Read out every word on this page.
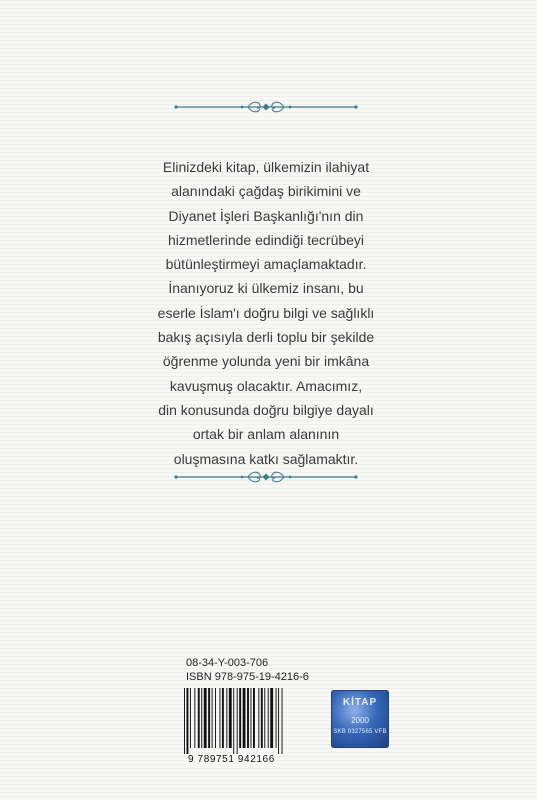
Elinizdeki kitap, ülkemizin ilahiyat
alanındaki çağdaş birikimini ve
Diyanet İşleri Başkanlığı'nın din
hizmetlerinde edindiği tecrübeyi
bütünleştirmeyi amaçlamaktadır.
İnanıyoruz ki ülkemiz insanı, bu
eserle İslam'ı doğru bilgi ve sağlıklı
bakış açısıyla derli toplu bir şekilde
öğrenme yolunda yeni bir imkâna
kavuşmuş olacaktır. Amacımız,
din konusunda doğru bilgiye dayalı
ortak bir anlam alanının
oluşmasına katkı sağlamaktır.
08-34-Y-003-706
ISBN 978-975-19-4216-6
9 789751 942166
KİTAP
2000
SKB 0327565 VFB
